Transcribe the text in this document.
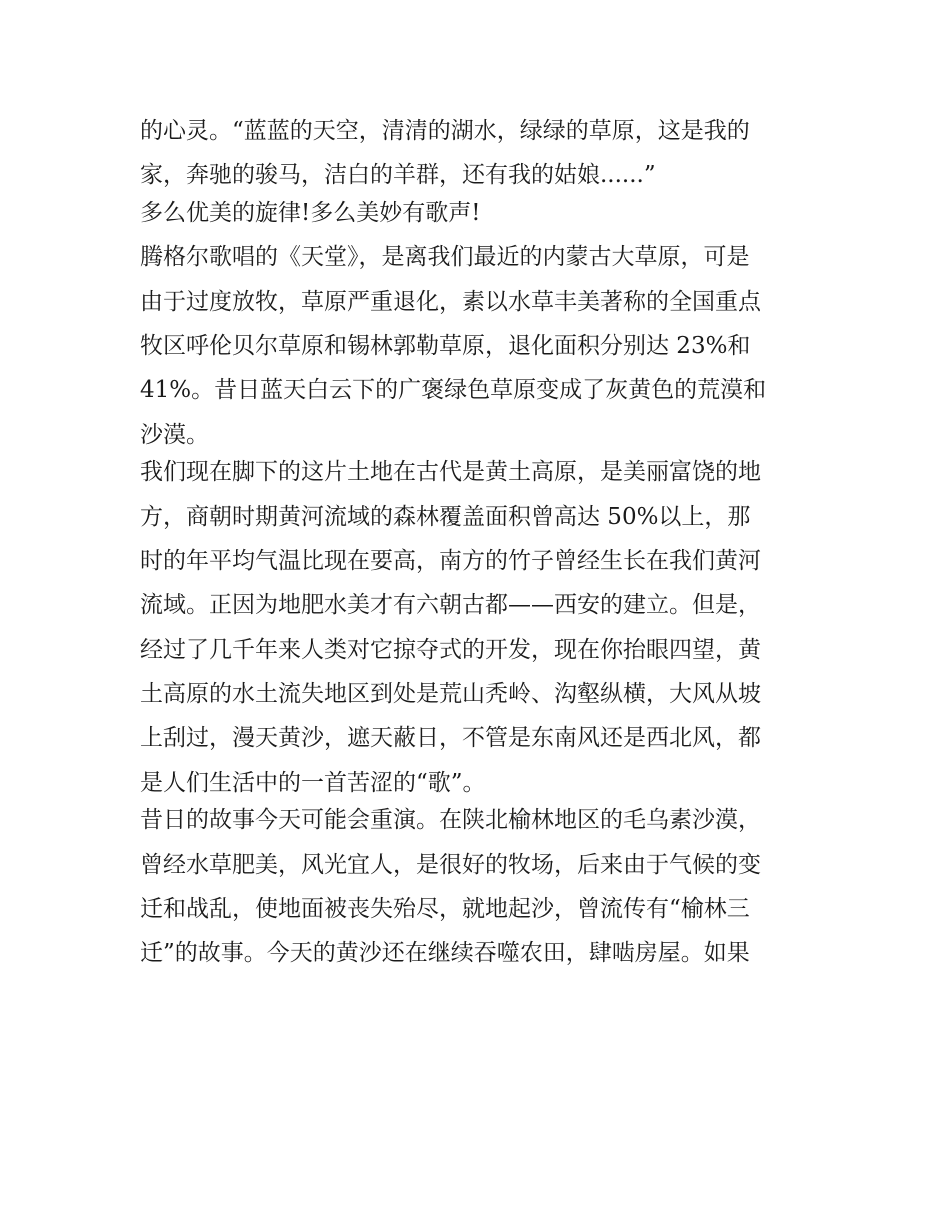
的心灵。“蓝蓝的天空，清清的湖水，绿绿的草原，这是我的
家，奔驰的骏马，洁白的羊群，还有我的姑娘......”
多么优美的旋律!多么美妙有歌声!
腾格尔歌唱的《天堂》，是离我们最近的内蒙古大草原，可是
由于过度放牧，草原严重退化，素以水草丰美著称的全国重点
牧区呼伦贝尔草原和锡林郭勒草原，退化面积分别达 23%和
41%。昔日蓝天白云下的广褒绿色草原变成了灰黄色的荒漠和
沙漠。
我们现在脚下的这片土地在古代是黄土高原，是美丽富饶的地
方，商朝时期黄河流域的森林覆盖面积曾高达 50%以上，那
时的年平均气温比现在要高，南方的竹子曾经生长在我们黄河
流域。正因为地肥水美才有六朝古都——西安的建立。但是，
经过了几千年来人类对它掠夺式的开发，现在你抬眼四望，黄
土高原的水土流失地区到处是荒山秃岭、沟壑纵横，大风从坡
上刮过，漫天黄沙，遮天蔽日，不管是东南风还是西北风，都
是人们生活中的一首苦涩的“歌”。
昔日的故事今天可能会重演。在陕北榆林地区的毛乌素沙漠，
曾经水草肥美，风光宜人，是很好的牧场，后来由于气候的变
迁和战乱，使地面被丧失殆尽，就地起沙，曾流传有“榆林三
迁”的故事。今天的黄沙还在继续吞噬农田，肆啮房屋。如果
